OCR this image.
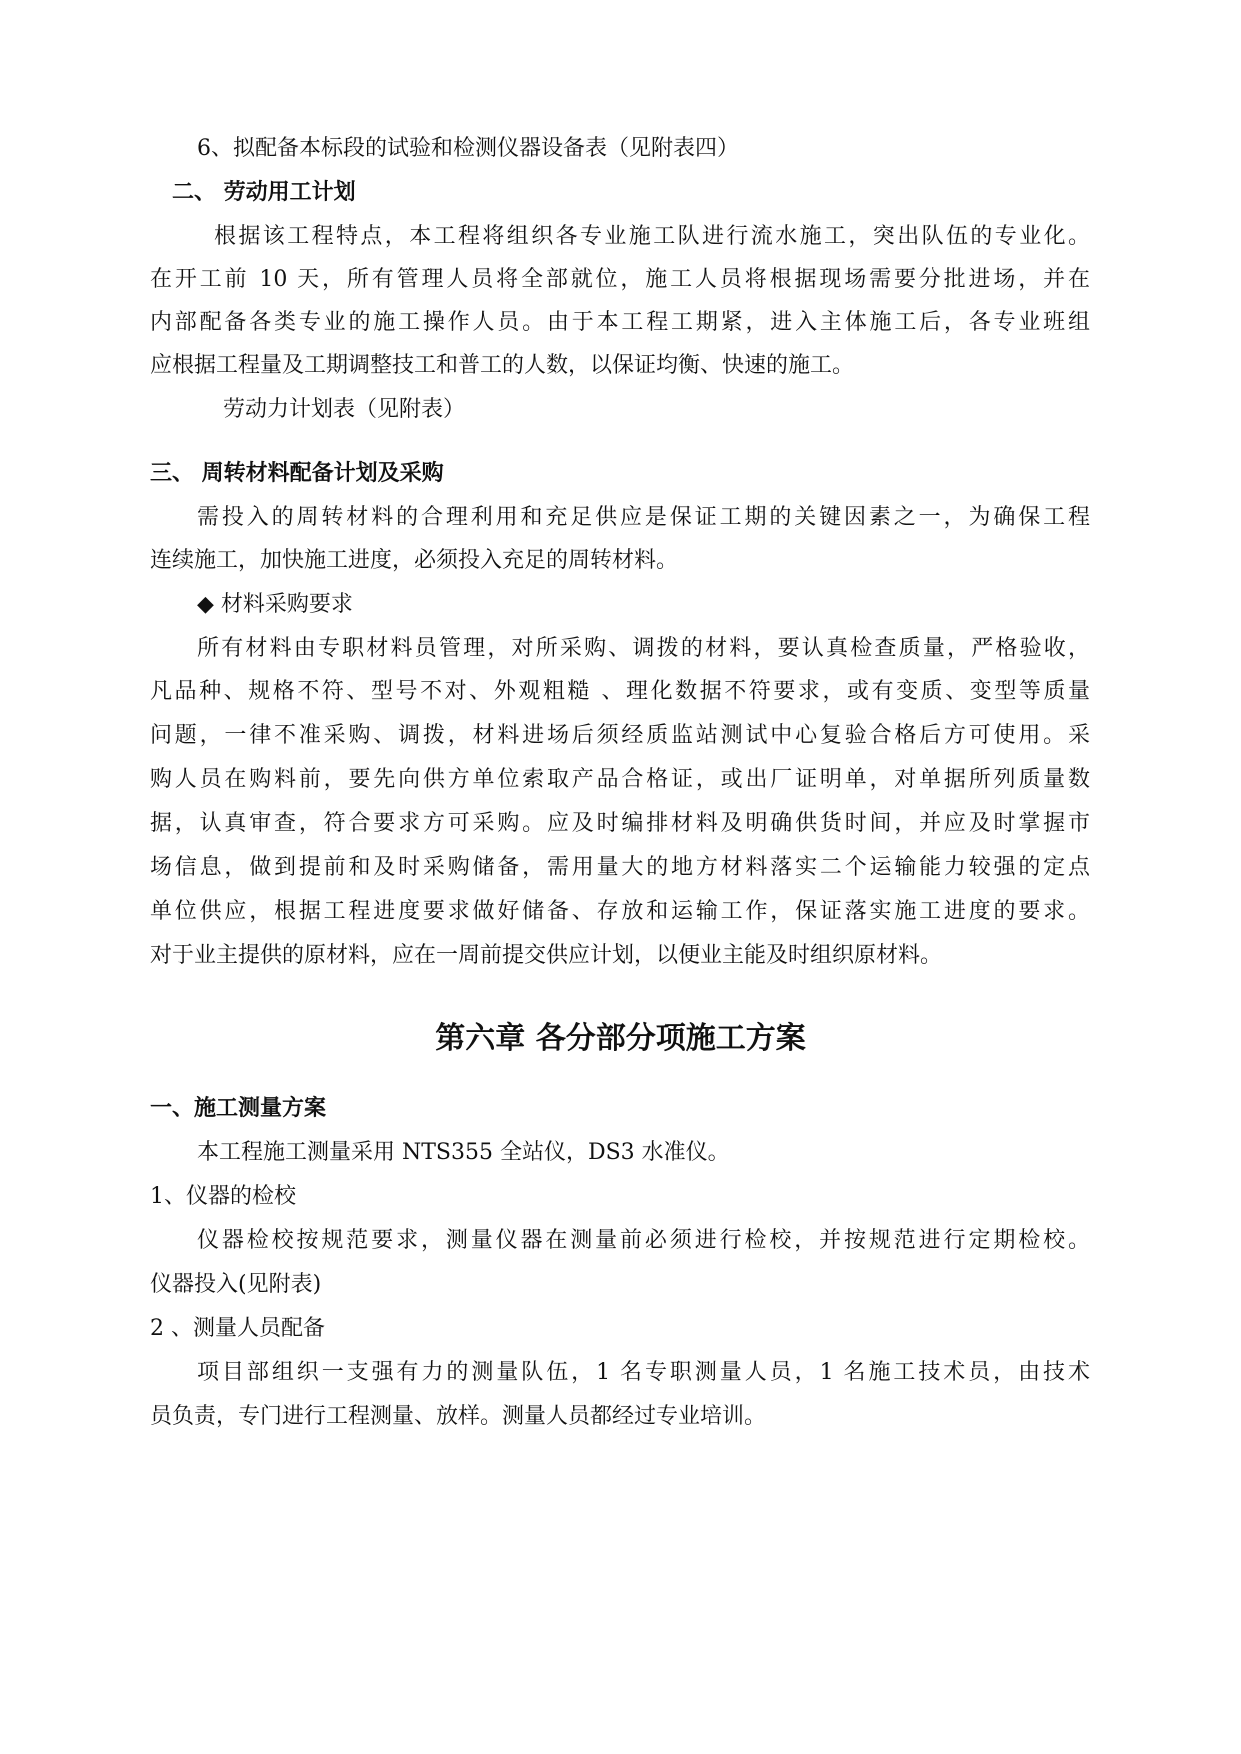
6、拟配备本标段的试验和检测仪器设备表（见附表四）
二、 劳动用工计划
根据该工程特点，本工程将组织各专业施工队进行流水施工，突出队伍的专业化。
在开工前 10 天，所有管理人员将全部就位，施工人员将根据现场需要分批进场，并在
内部配备各类专业的施工操作人员。由于本工程工期紧，进入主体施工后，各专业班组
应根据工程量及工期调整技工和普工的人数，以保证均衡、快速的施工。
劳动力计划表（见附表）
三、 周转材料配备计划及采购
需投入的周转材料的合理利用和充足供应是保证工期的关键因素之一，为确保工程
连续施工，加快施工进度，必须投入充足的周转材料。
◆ 材料采购要求
所有材料由专职材料员管理，对所采购、调拨的材料，要认真检查质量，严格验收，
凡品种、规格不符、型号不对、外观粗糙 、理化数据不符要求，或有变质、变型等质量
问题，一律不准采购、调拨，材料进场后须经质监站测试中心复验合格后方可使用。采
购人员在购料前，要先向供方单位索取产品合格证，或出厂证明单，对单据所列质量数
据，认真审查，符合要求方可采购。应及时编排材料及明确供货时间，并应及时掌握市
场信息，做到提前和及时采购储备，需用量大的地方材料落实二个运输能力较强的定点
单位供应，根据工程进度要求做好储备、存放和运输工作，保证落实施工进度的要求。
对于业主提供的原材料，应在一周前提交供应计划，以便业主能及时组织原材料。
第六章 各分部分项施工方案
一、施工测量方案
本工程施工测量采用 NTS355 全站仪，DS3 水准仪。
1、仪器的检校
仪器检校按规范要求，测量仪器在测量前必须进行检校，并按规范进行定期检校。
仪器投入(见附表)
2 、测量人员配备
项目部组织一支强有力的测量队伍，1 名专职测量人员，1 名施工技术员，由技术
员负责，专门进行工程测量、放样。测量人员都经过专业培训。
